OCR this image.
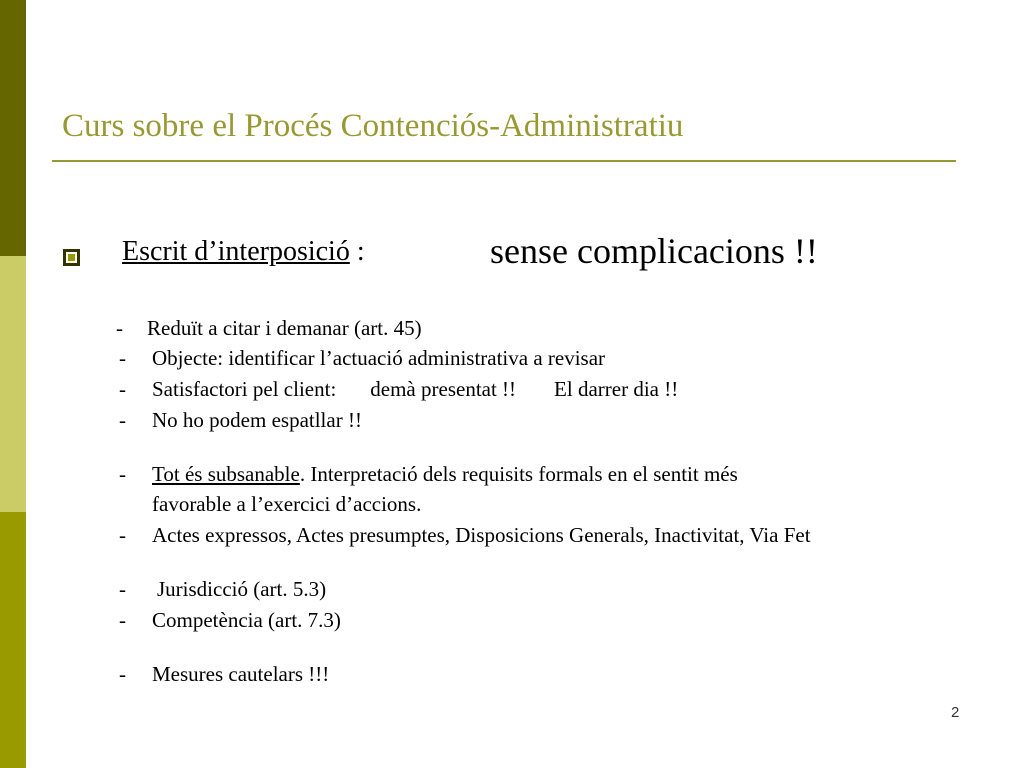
Curs sobre el Procés Contenciós-Administratiu
Escrit d’interposició :	sense complicacions !!
- Reduït a citar i demanar (art. 45)
- Objecte: identificar l’actuació administrativa a revisar
- Satisfactori pel client: demà presentat !! El darrer dia !!
- No ho podem espatllar !!
- Tot és subsanable. Interpretació dels requisits formals en el sentit més
favorable a l’exercici d’accions.
- Actes expressos, Actes presumptes, Disposicions Generals, Inactivitat, Via Fet
- Jurisdicció (art. 5.3)
- Competència (art. 7.3)
- Mesures cautelars !!!
2
